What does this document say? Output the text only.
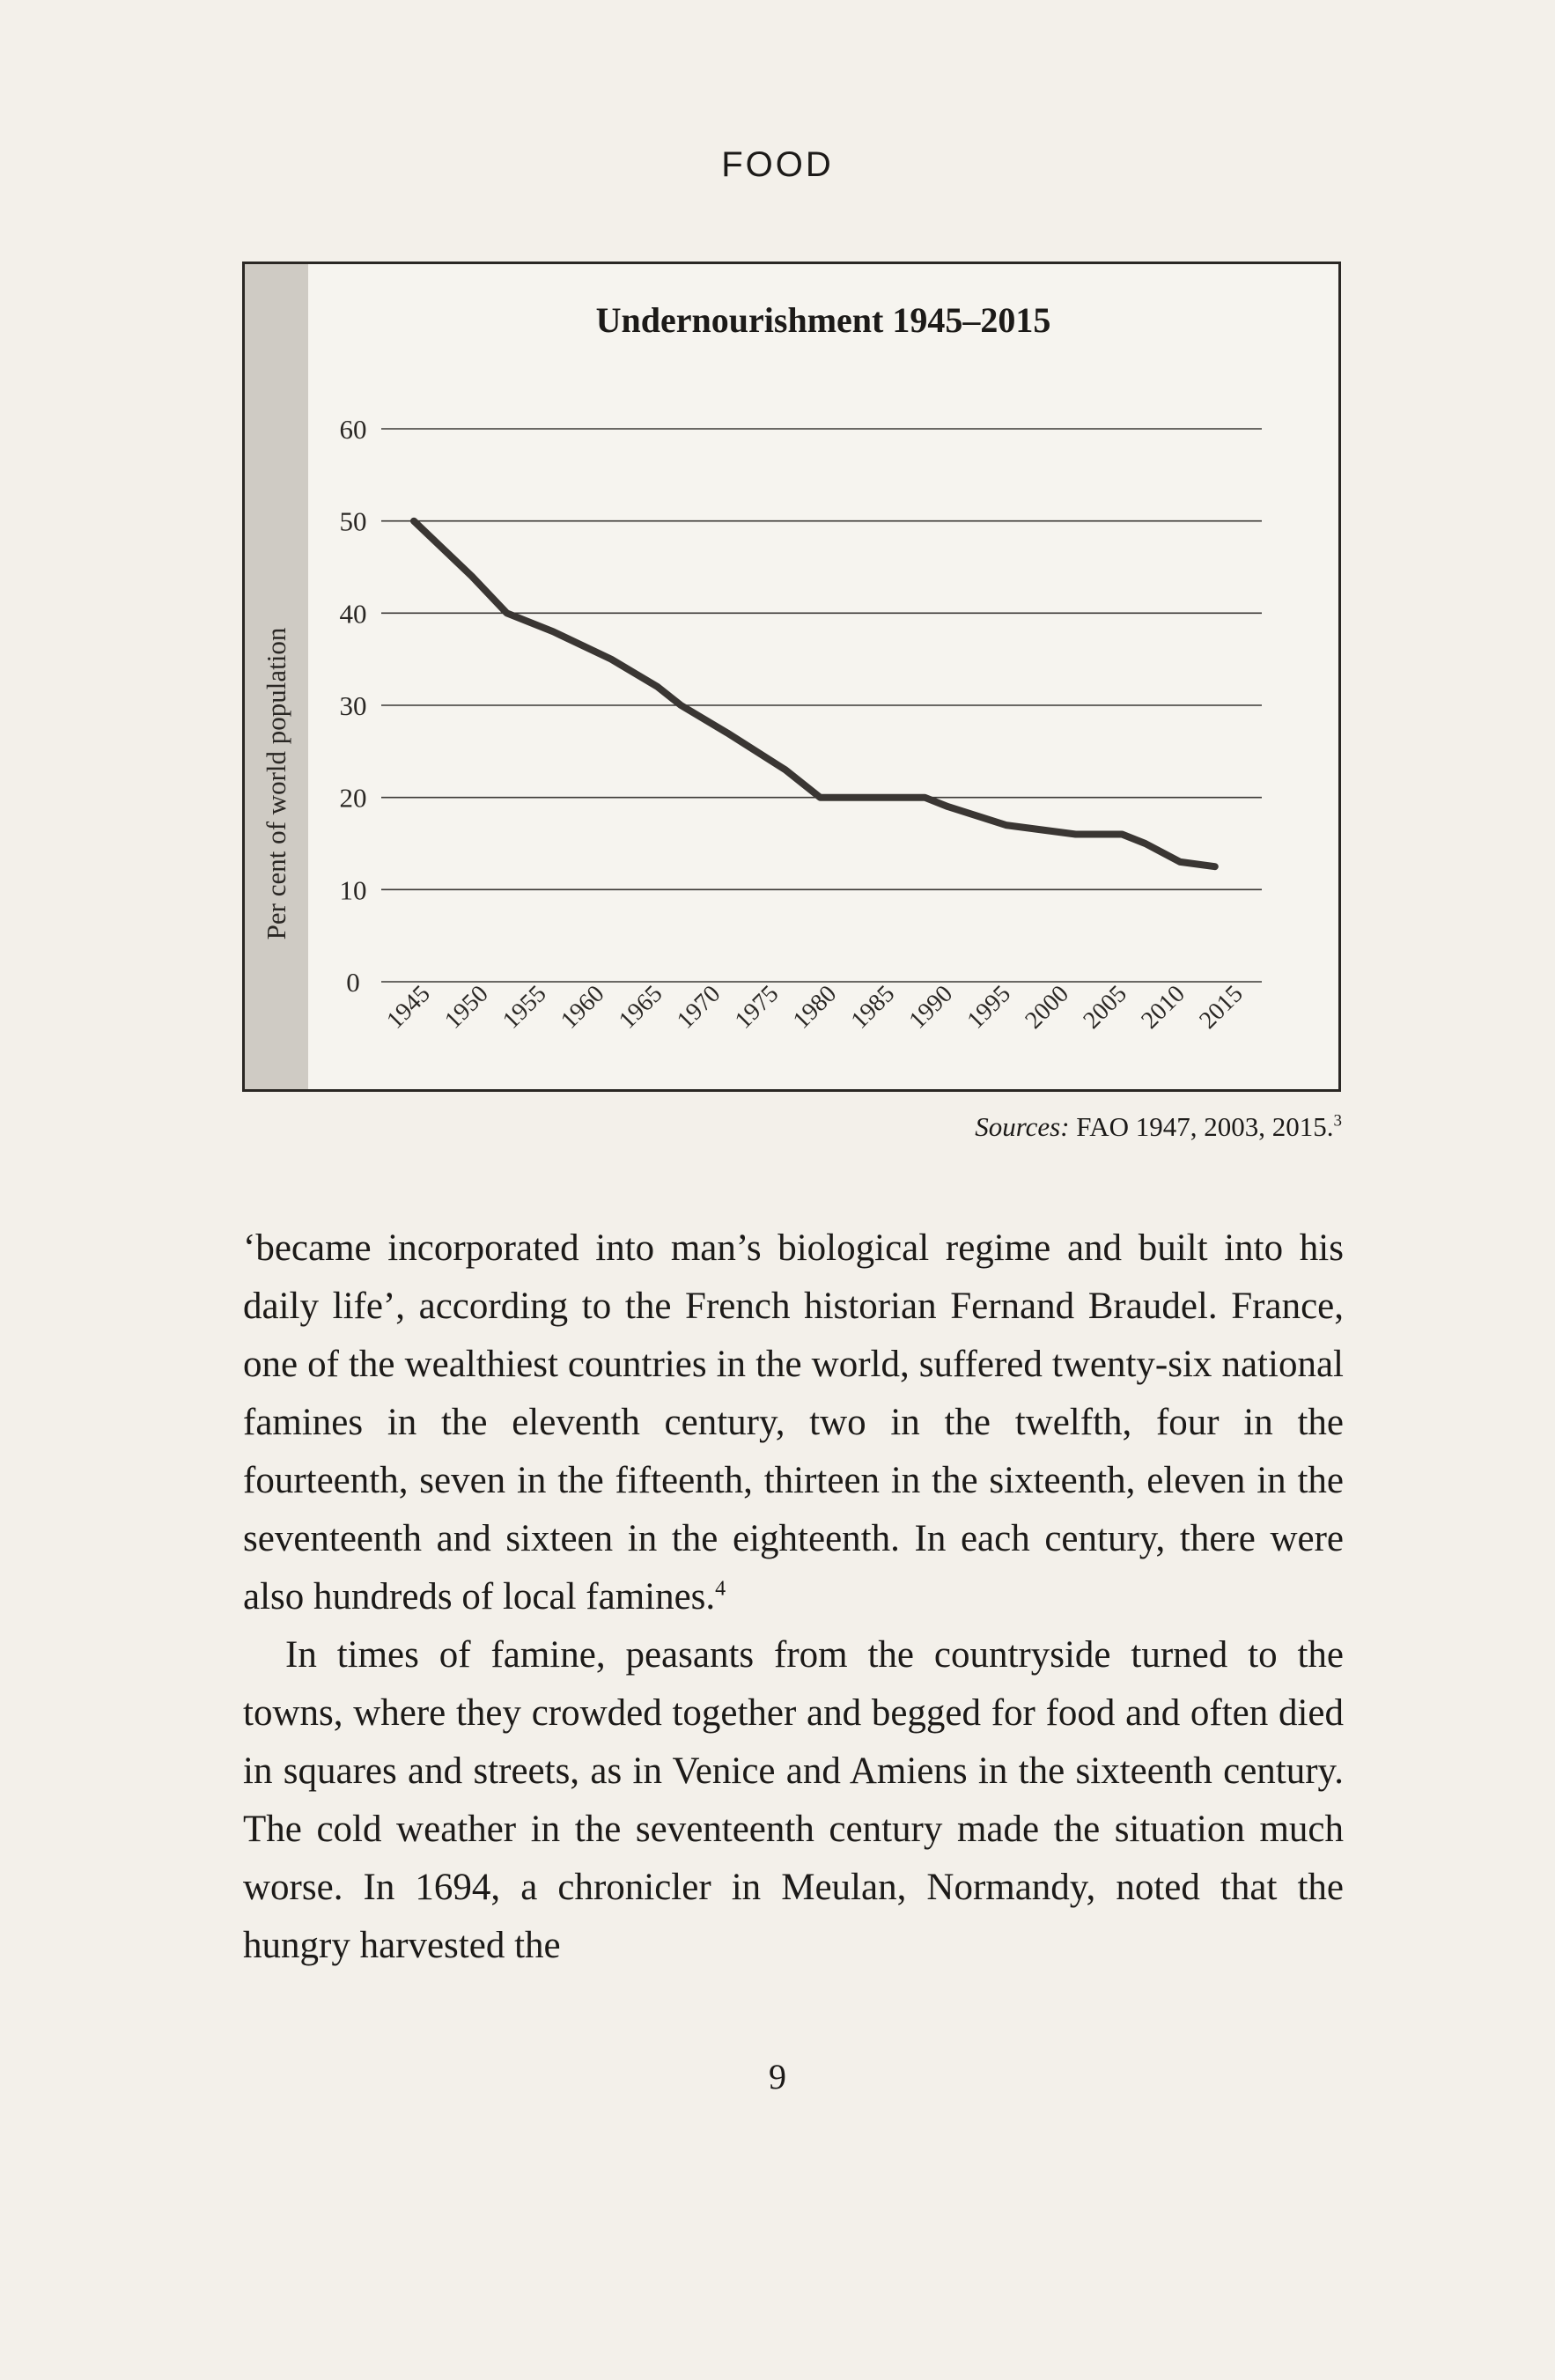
FOOD
Per cent of world population
Undernourishment 1945–2015
0
10
20
30
40
50
60
1945 1950 1955 1960 1965 1970 1975 1980 1985 1990 1995 2000 2005 2010 2015
Sources: FAO 1947, 2003, 2015.$^3$

‘became incorporated into man’s biological regime and built into his daily life’, according to the French historian Fernand Braudel. France, one of the wealthiest countries in the world, suffered twenty-six national famines in the eleventh century, two in the twelfth, four in the fourteenth, seven in the fifteenth, thirteen in the sixteenth, eleven in the seventeenth and sixteen in the eighteenth. In each century, there were also hundreds of local famines.$^4$

In times of famine, peasants from the countryside turned to the towns, where they crowded together and begged for food and often died in squares and streets, as in Venice and Amiens in the sixteenth century. The cold weather in the seventeenth century made the situation much worse. In 1694, a chronicler in Meulan, Normandy, noted that the hungry harvested the

9
